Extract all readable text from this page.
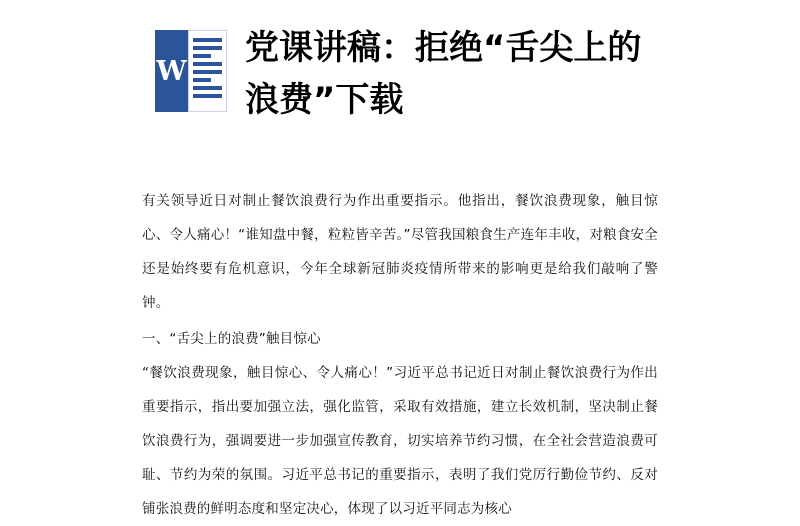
W
党课讲稿：拒绝“舌尖上的浪费”下载

有关领导近日对制止餐饮浪费行为作出重要指示。他指出，餐饮浪费现象，触目惊心、令人痛心！“谁知盘中餐，粒粒皆辛苦。”尽管我国粮食生产连年丰收，对粮食安全还是始终要有危机意识，今年全球新冠肺炎疫情所带来的影响更是给我们敲响了警钟。

一、“舌尖上的浪费”触目惊心

“餐饮浪费现象，触目惊心、令人痛心！”习近平总书记近日对制止餐饮浪费行为作出重要指示，指出要加强立法，强化监管，采取有效措施，建立长效机制，坚决制止餐饮浪费行为，强调要进一步加强宣传教育，切实培养节约习惯，在全社会营造浪费可耻、节约为荣的氛围。习近平总书记的重要指示，表明了我们党厉行勤俭节约、反对铺张浪费的鲜明态度和坚定决心，体现了以习近平同志为核心
